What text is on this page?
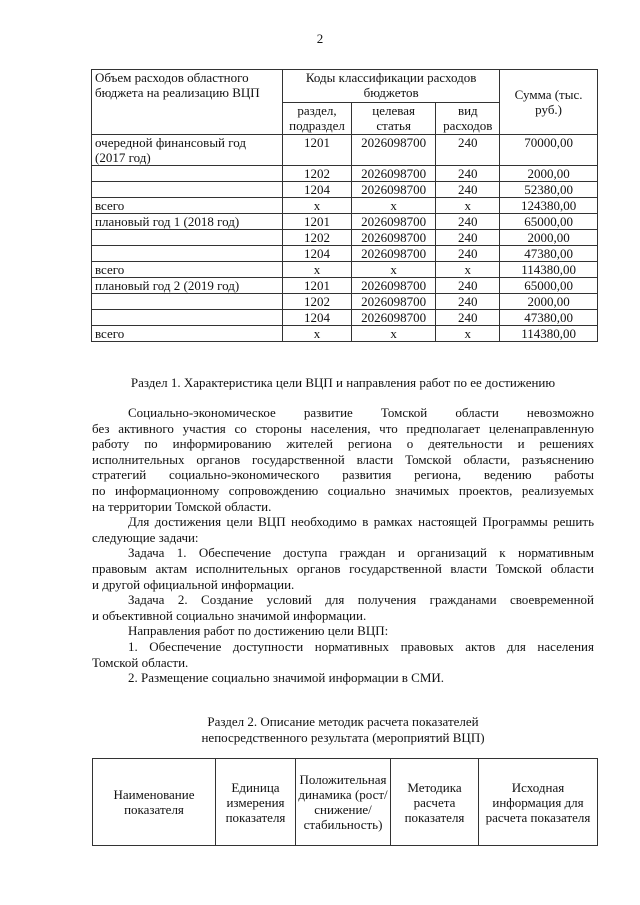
2
Объем расходов областного бюджета на реализацию ВЦП	Коды классификации расходов бюджетов			Сумма (тыс. руб.)
	раздел, подраздел	целевая статья	вид расходов	
очередной финансовый год (2017 год)	1201	2026098700	240	70000,00
	1202	2026098700	240	2000,00
	1204	2026098700	240	52380,00
всего	х	х	х	124380,00
плановый год 1 (2018 год)	1201	2026098700	240	65000,00
	1202	2026098700	240	2000,00
	1204	2026098700	240	47380,00
всего	х	х	х	114380,00
плановый год 2 (2019 год)	1201	2026098700	240	65000,00
	1202	2026098700	240	2000,00
	1204	2026098700	240	47380,00
всего	х	х	х	114380,00
Раздел 1. Характеристика цели ВЦП и направления работ по ее достижению
Социально-экономическое развитие Томской области невозможно
без активного участия со стороны населения, что предполагает целенаправленную
работу по информированию жителей региона о деятельности и решениях
исполнительных органов государственной власти Томской области, разъяснению
стратегий социально-экономического развития региона, ведению работы
по информационному сопровождению социально значимых проектов, реализуемых
на территории Томской области.
Для достижения цели ВЦП необходимо в рамках настоящей Программы решить
следующие задачи:
Задача 1. Обеспечение доступа граждан и организаций к нормативным
правовым актам исполнительных органов государственной власти Томской области
и другой официальной информации.
Задача 2. Создание условий для получения гражданами своевременной
и объективной социально значимой информации.
Направления работ по достижению цели ВЦП:
1. Обеспечение доступности нормативных правовых актов для населения
Томской области.
2. Размещение социально значимой информации в СМИ.
Раздел 2. Описание методик расчета показателей
непосредственного результата (мероприятий ВЦП)
Наименование показателя	Единица измерения показателя	Положительная динамика (рост/ снижение/ стабильность)	Методика расчета показателя	Исходная информация для расчета показателя
